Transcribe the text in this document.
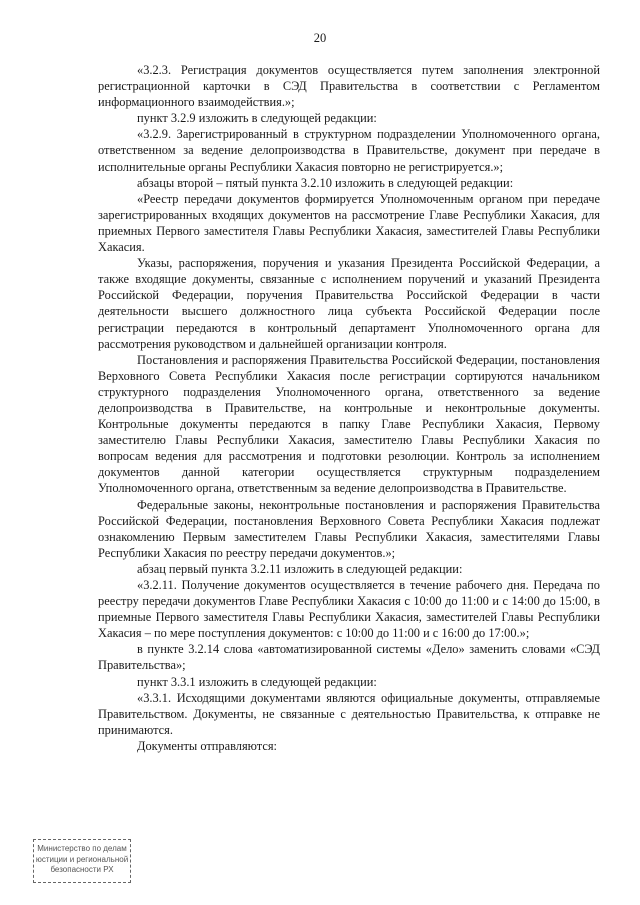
20

«3.2.3. Регистрация документов осуществляется путем заполнения электронной регистрационной карточки в СЭД Правительства в соответствии с Регламентом информационного взаимодействия.»;

пункт 3.2.9 изложить в следующей редакции:

«3.2.9. Зарегистрированный в структурном подразделении Уполномоченного органа, ответственном за ведение делопроизводства в Правительстве, документ при передаче в исполнительные органы Республики Хакасия повторно не регистрируется.»;

абзацы второй – пятый пункта 3.2.10 изложить в следующей редакции:

«Реестр передачи документов формируется Уполномоченным органом при передаче зарегистрированных входящих документов на рассмотрение Главе Республики Хакасия, для приемных Первого заместителя Главы Республики Хакасия, заместителей Главы Республики Хакасия.

Указы, распоряжения, поручения и указания Президента Российской Федерации, а также входящие документы, связанные с исполнением поручений и указаний Президента Российской Федерации, поручения Правительства Российской Федерации в части деятельности высшего должностного лица субъекта Российской Федерации после регистрации передаются в контрольный департамент Уполномоченного органа для рассмотрения руководством и дальнейшей организации контроля.

Постановления и распоряжения Правительства Российской Федерации, постановления Верховного Совета Республики Хакасия после регистрации сортируются начальником структурного подразделения Уполномоченного органа, ответственного за ведение делопроизводства в Правительстве, на контрольные и неконтрольные документы. Контрольные документы передаются в папку Главе Республики Хакасия, Первому заместителю Главы Республики Хакасия, заместителю Главы Республики Хакасия по вопросам ведения для рассмотрения и подготовки резолюции. Контроль за исполнением документов данной категории осуществляется структурным подразделением Уполномоченного органа, ответственным за ведение делопроизводства в Правительстве.

Федеральные законы, неконтрольные постановления и распоряжения Правительства Российской Федерации, постановления Верховного Совета Республики Хакасия подлежат ознакомлению Первым заместителем Главы Республики Хакасия, заместителями Главы Республики Хакасия по реестру передачи документов.»;

абзац первый пункта 3.2.11 изложить в следующей редакции:

«3.2.11. Получение документов осуществляется в течение рабочего дня. Передача по реестру передачи документов Главе Республики Хакасия с 10:00 до 11:00 и с 14:00 до 15:00, в приемные Первого заместителя Главы Республики Хакасия, заместителей Главы Республики Хакасия – по мере поступления документов: с 10:00 до 11:00 и с 16:00 до 17:00.»;

в пункте 3.2.14 слова «автоматизированной системы «Дело» заменить словами «СЭД Правительства»;

пункт 3.3.1 изложить в следующей редакции:

«3.3.1. Исходящими документами являются официальные документы, отправляемые Правительством. Документы, не связанные с деятельностью Правительства, к отправке не принимаются.

Документы отправляются:

Министерство по делам
юстиции и региональной
безопасности РХ
